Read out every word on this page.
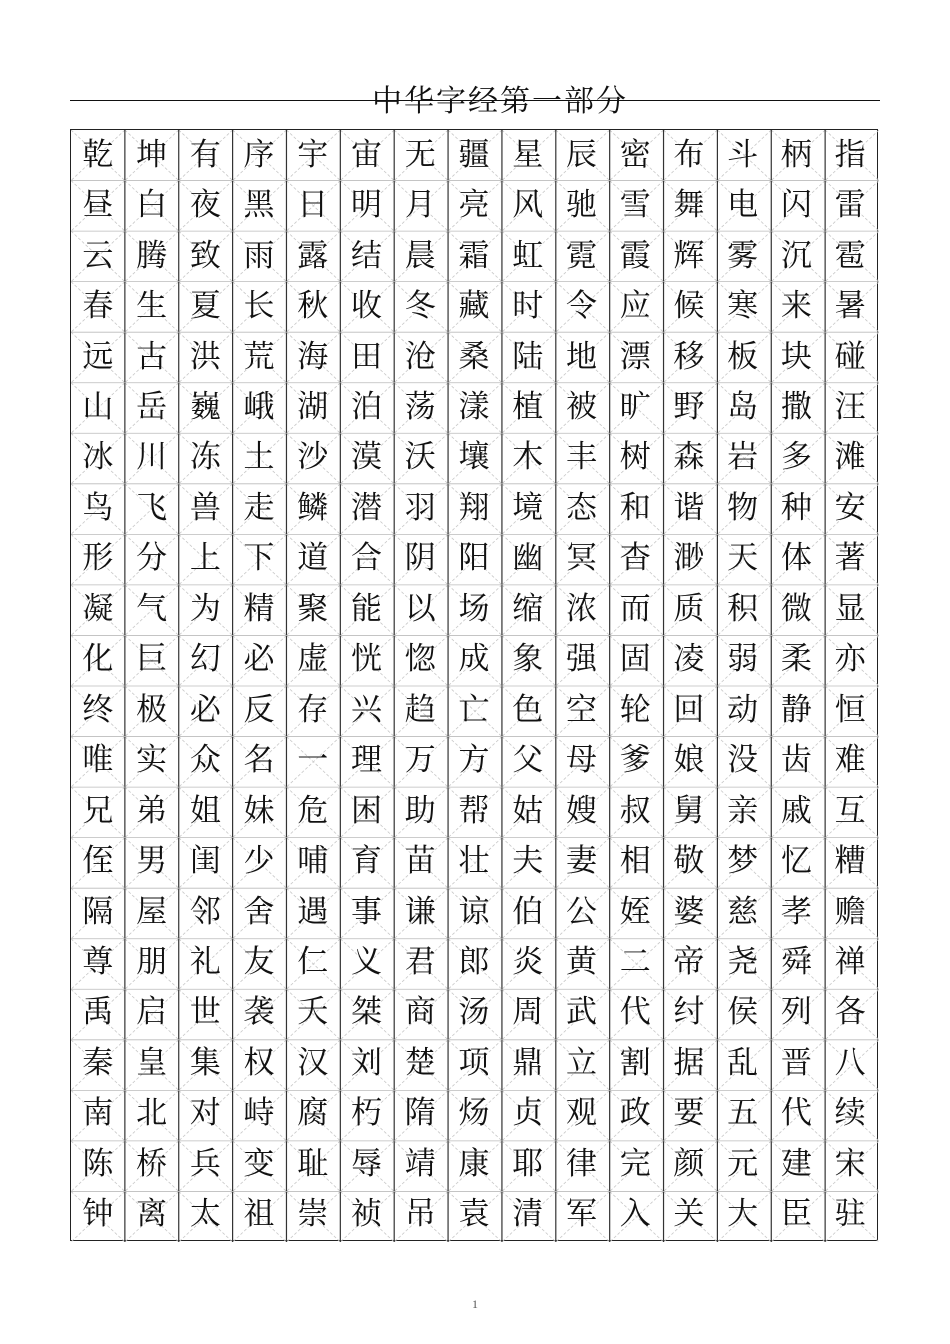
中华字经第一部分
乾 坤 有 序 宇 宙 无 疆 星 辰 密 布 斗 柄 指
昼 白 夜 黑 日 明 月 亮 风 驰 雪 舞 电 闪 雷
云 腾 致 雨 露 结 晨 霜 虹 霓 霞 辉 雾 沉 雹
春 生 夏 长 秋 收 冬 藏 时 令 应 候 寒 来 暑
远 古 洪 荒 海 田 沧 桑 陆 地 漂 移 板 块 碰
山 岳 巍 峨 湖 泊 荡 漾 植 被 旷 野 岛 撒 汪
冰 川 冻 土 沙 漠 沃 壤 木 丰 树 森 岩 多 滩
鸟 飞 兽 走 鳞 潜 羽 翔 境 态 和 谐 物 种 安
形 分 上 下 道 合 阴 阳 幽 冥 杳 渺 天 体 著
凝 气 为 精 聚 能 以 场 缩 浓 而 质 积 微 显
化 巨 幻 必 虚 恍 惚 成 象 强 固 凌 弱 柔 亦
终 极 必 反 存 兴 趋 亡 色 空 轮 回 动 静 恒
唯 实 众 名 一 理 万 方 父 母 爹 娘 没 齿 难
兄 弟 姐 妹 危 困 助 帮 姑 嫂 叔 舅 亲 戚 互
侄 男 闺 少 哺 育 苗 壮 夫 妻 相 敬 梦 忆 糟
隔 屋 邻 舍 遇 事 谦 谅 伯 公 姪 婆 慈 孝 赡
尊 朋 礼 友 仁 义 君 郎 炎 黄 二 帝 尧 舜 禅
禹 启 世 袭 夭 桀 商 汤 周 武 代 纣 侯 列 各
秦 皇 集 权 汉 刘 楚 项 鼎 立 割 据 乱 晋 八
南 北 对 峙 腐 朽 隋 炀 贞 观 政 要 五 代 续
陈 桥 兵 变 耻 辱 靖 康 耶 律 完 颜 元 建 宋
钟 离 太 祖 崇 祯 吊 袁 清 军 入 关 大 臣 驻
1
